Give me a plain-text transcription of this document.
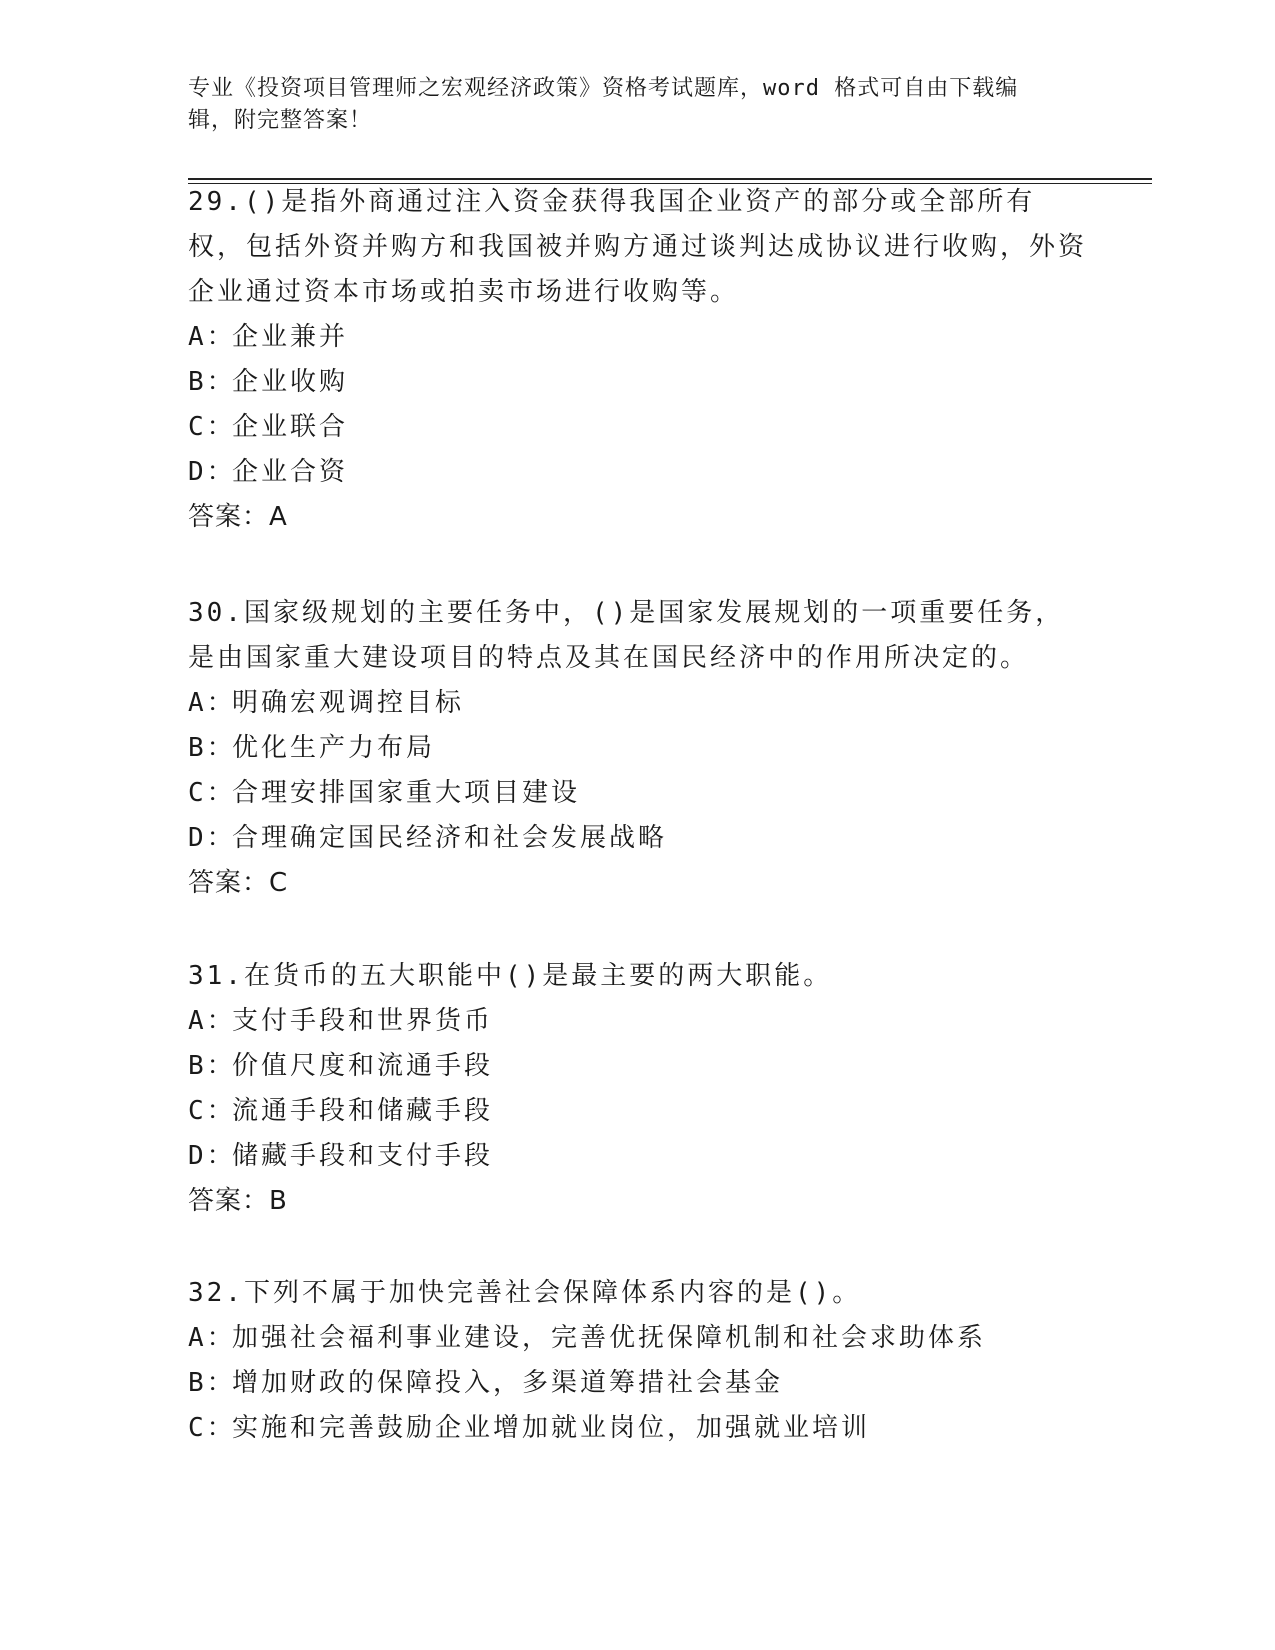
专业《投资项目管理师之宏观经济政策》资格考试题库，word 格式可自由下载编
辑，附完整答案！
29.()是指外商通过注入资金获得我国企业资产的部分或全部所有权，包括外资并购方和我国被并购方通过谈判达成协议进行收购，外资企业通过资本市场或拍卖市场进行收购等。
A：企业兼并
B：企业收购
C：企业联合
D：企业合资
答案：A
30.国家级规划的主要任务中，()是国家发展规划的一项重要任务，是由国家重大建设项目的特点及其在国民经济中的作用所决定的。
A：明确宏观调控目标
B：优化生产力布局
C：合理安排国家重大项目建设
D：合理确定国民经济和社会发展战略
答案：C
31.在货币的五大职能中()是最主要的两大职能。
A：支付手段和世界货币
B：价值尺度和流通手段
C：流通手段和储藏手段
D：储藏手段和支付手段
答案：B
32.下列不属于加快完善社会保障体系内容的是()。
A：加强社会福利事业建设，完善优抚保障机制和社会求助体系
B：增加财政的保障投入，多渠道筹措社会基金
C：实施和完善鼓励企业增加就业岗位，加强就业培训
